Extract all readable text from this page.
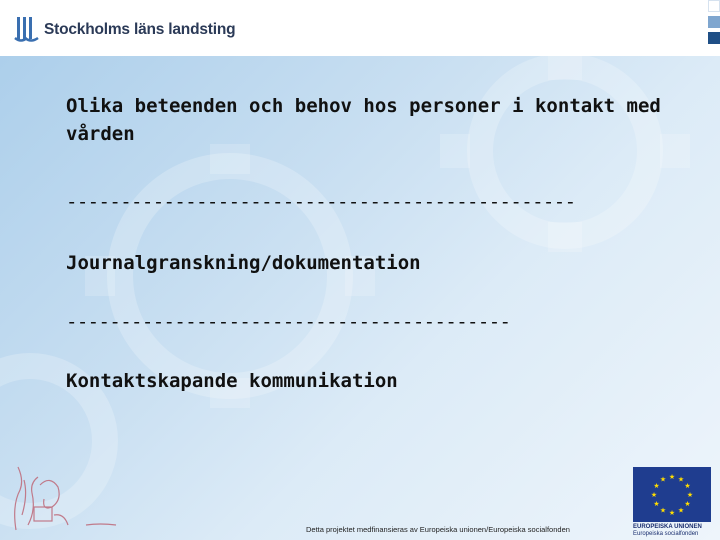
Stockholms läns landsting

Olika beteenden och behov hos personer i kontakt med vården

-----------------------------------------------

Journalgranskning/dokumentation

-----------------------------------------

Kontaktskapande kommunikation

Detta projektet medfinansieras av Europeiska unionen/Europeiska socialfonden
★ ★
★
★
★
★
★
★
★
★
★
★
EUROPEISKA UNIONEN
Europeiska socialfonden
